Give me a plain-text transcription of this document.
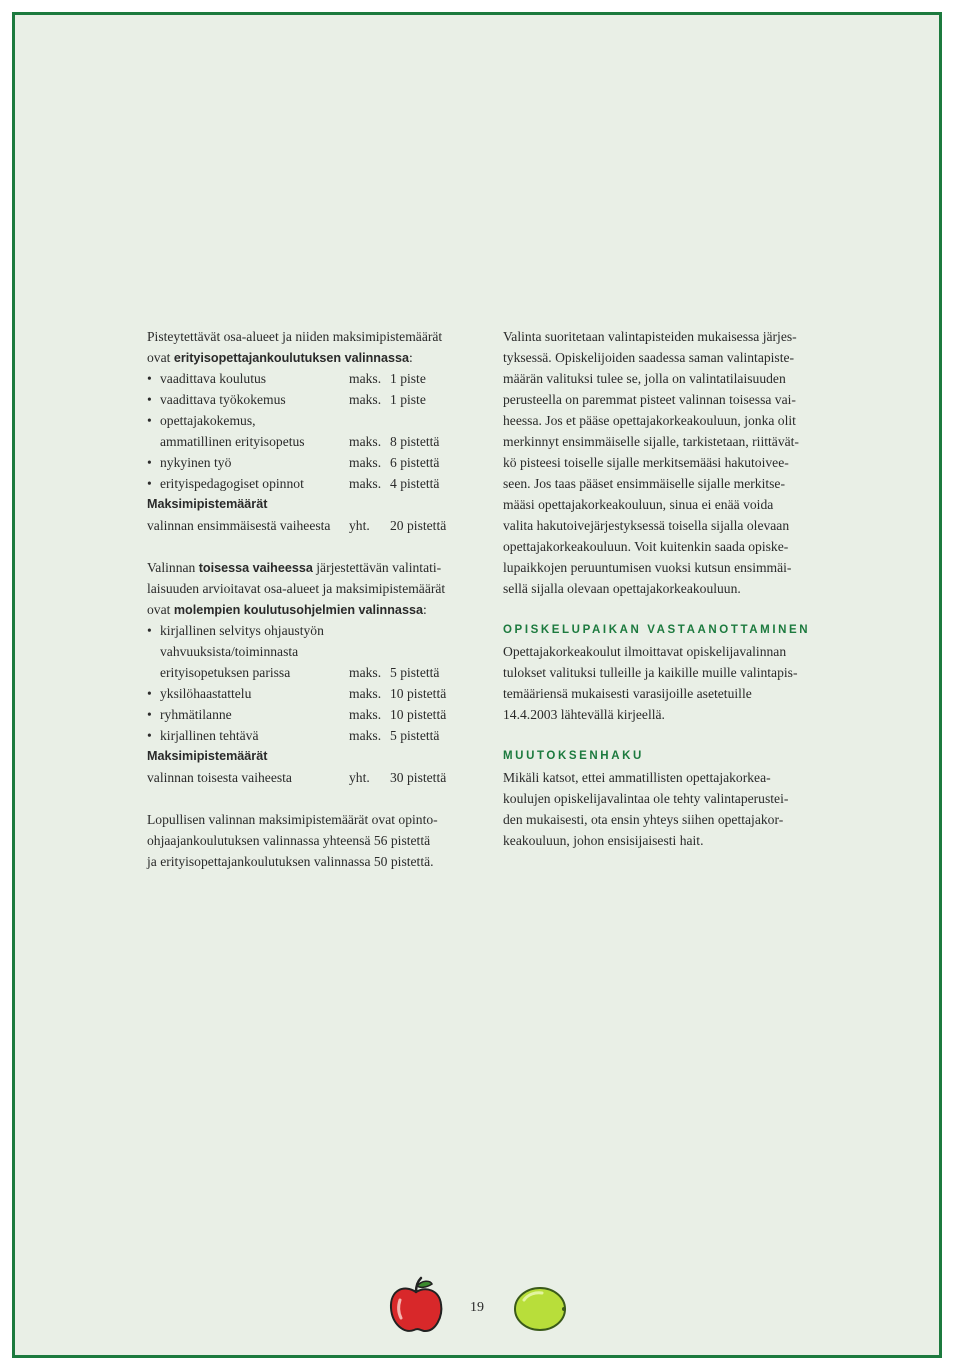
Pisteytettävät osa-alueet ja niiden maksimipistemäärät
ovat erityisopettajankoulutuksen valinnassa:
• vaadittava koulutus	maks. 1 piste
• vaadittava työkokemus	maks. 1 piste
• opettajakokemus,
ammatillinen erityisopetus	maks. 8 pistettä
• nykyinen työ	maks. 6 pistettä
• erityispedagogiset opinnot	maks. 4 pistettä
Maksimipistemäärät
valinnan ensimmäisestä vaiheesta yht. 20 pistettä
Valinnan toisessa vaiheessa järjestettävän valintati-
laisuuden arvioitavat osa-alueet ja maksimipistemäärät
ovat molempien koulutusohjelmien valinnassa:
• kirjallinen selvitys ohjaustyön
vahvuuksista/toiminnasta
erityisopetuksen parissa	maks. 5 pistettä
• yksilöhaastattelu	maks. 10 pistettä
• ryhmätilanne	maks. 10 pistettä
• kirjallinen tehtävä	maks. 5 pistettä
Maksimipistemäärät
valinnan toisesta vaiheesta	yht. 30 pistettä
Lopullisen valinnan maksimipistemäärät ovat opinto-
ohjaajankoulutuksen valinnassa yhteensä 56 pistettä
ja erityisopettajankoulutuksen valinnassa 50 pistettä.
Valinta suoritetaan valintapisteiden mukaisessa järjes-
tyksessä. Opiskelijoiden saadessa saman valintapiste-
määrän valituksi tulee se, jolla on valintatilaisuuden
perusteella on paremmat pisteet valinnan toisessa vai-
heessa. Jos et pääse opettajakorkeakouluun, jonka olit
merkinnyt ensimmäiselle sijalle, tarkistetaan, riittävät-
kö pisteesi toiselle sijalle merkitsemääsi hakutoivee-
seen. Jos taas pääset ensimmäiselle sijalle merkitse-
määsi opettajakorkeakouluun, sinua ei enää voida
valita hakutoivejärjestyksessä toisella sijalla olevaan
opettajakorkeakouluun. Voit kuitenkin saada opiske-
lupaikkojen peruuntumisen vuoksi kutsun ensimmäi-
sellä sijalla olevaan opettajakorkeakouluun.
OPISKELUPAIKAN VASTAANOTTAMINEN
Opettajakorkeakoulut ilmoittavat opiskelijavalinnan
tulokset valituksi tulleille ja kaikille muille valintapis-
temääriensä mukaisesti varasijoille asetetuille
14.4.2003 lähtevällä kirjeellä.
MUUTOKSENHAKU
Mikäli katsot, ettei ammatillisten opettajakorkea-
koulujen opiskelijavalintaa ole tehty valintaperustei-
den mukaisesti, ota ensin yhteys siihen opettajakor-
keakouluun, johon ensisijaisesti hait.
19
